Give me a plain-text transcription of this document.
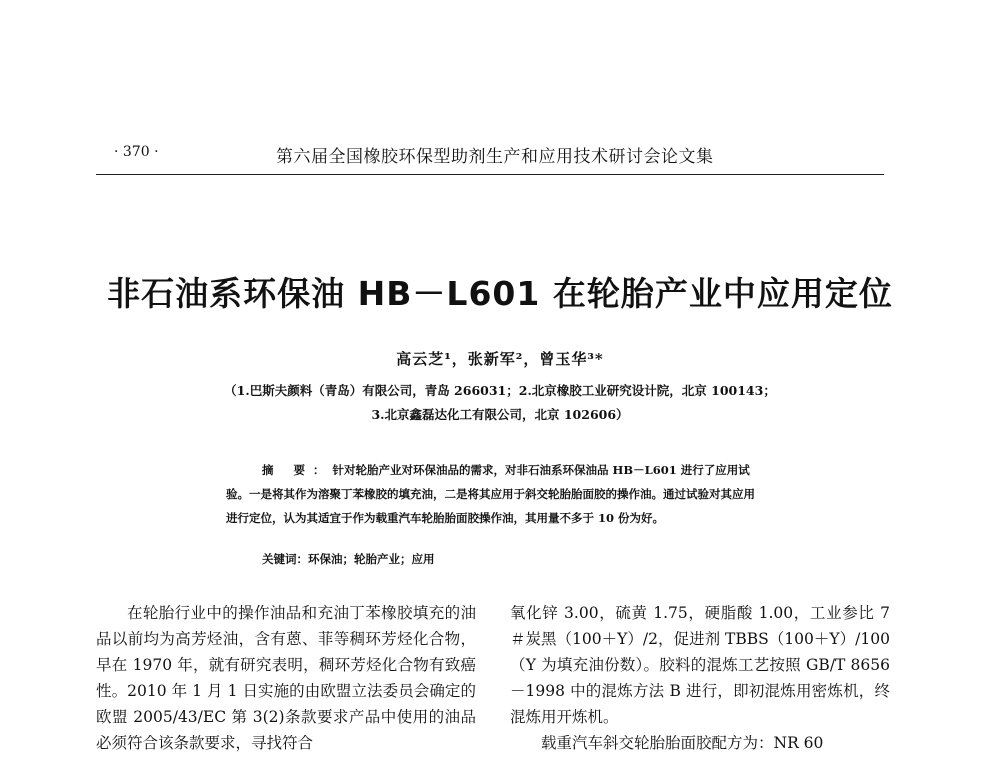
· 370 ·	第六届全国橡胶环保型助剂生产和应用技术研讨会论文集
非石油系环保油 HB－L601 在轮胎产业中应用定位
高云芝¹，张新军²，曾玉华³*
（1.巴斯夫颜料（青岛）有限公司，青岛 266031；2.北京橡胶工业研究设计院，北京 100143；
3.北京鑫磊达化工有限公司，北京 102606）
摘 要：针对轮胎产业对环保油品的需求，对非石油系环保油品 HB－L601 进行了应用试验。一是将其作为溶聚丁苯橡胶的填充油，二是将其应用于斜交轮胎胎面胶的操作油。通过试验对其应用进行定位，认为其适宜于作为载重汽车轮胎胎面胶操作油，其用量不多于 10 份为好。
关键词：环保油；轮胎产业；应用

在轮胎行业中的操作油品和充油丁苯橡胶填充的油品以前均为高芳烃油，含有蒽、菲等稠环芳烃化合物，早在 1970 年，就有研究表明，稠环芳烃化合物有致癌性。2010 年 1 月 1 日实施的由欧盟立法委员会确定的欧盟 2005/43/EC 第 3(2)条款要求产品中使用的油品必须符合该条款要求，寻找符合

氧化锌 3.00，硫黄 1.75，硬脂酸 1.00，工业参比 7＃炭黑（100＋Y）/2，促进剂 TBBS（100＋Y）/100（Y 为填充油份数）。胶料的混炼工艺按照 GB/T 8656－1998 中的混炼方法 B 进行，即初混炼用密炼机，终混炼用开炼机。

载重汽车斜交轮胎胎面胶配方为：NR 60
